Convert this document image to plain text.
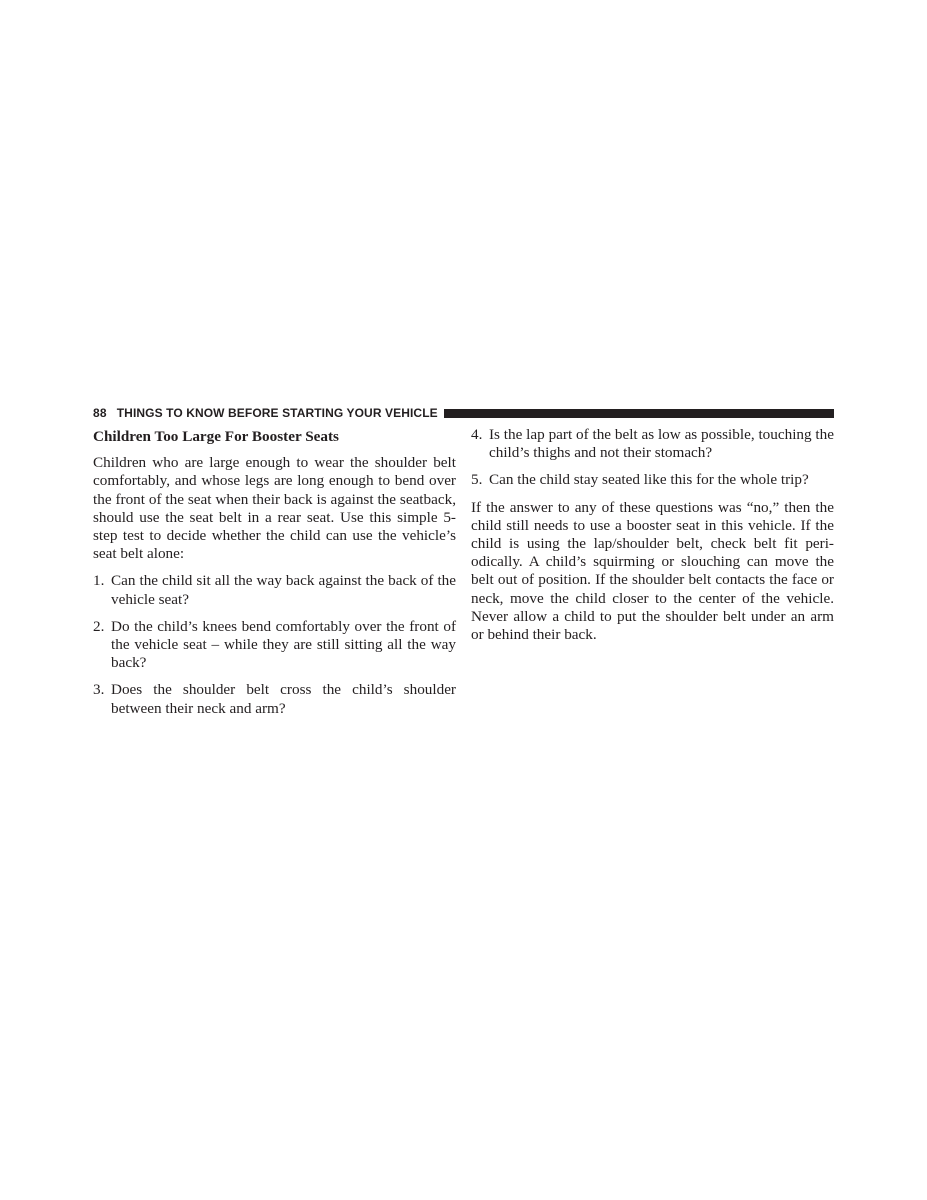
88 THINGS TO KNOW BEFORE STARTING YOUR VEHICLE
Children Too Large For Booster Seats

Children who are large enough to wear the shoulder belt comfortably, and whose legs are long enough to bend over the front of the seat when their back is against the seatback, should use the seat belt in a rear seat. Use this simple 5-step test to decide whether the child can use the vehicle’s seat belt alone:

1. Can the child sit all the way back against the back of the vehicle seat?
2. Do the child’s knees bend comfortably over the front of the vehicle seat – while they are still sitting all the way back?
3. Does the shoulder belt cross the child’s shoulder between their neck and arm?
4. Is the lap part of the belt as low as possible, touching the child’s thighs and not their stomach?
5. Can the child stay seated like this for the whole trip?

If the answer to any of these questions was “no,” then the child still needs to use a booster seat in this vehicle. If the child is using the lap/shoulder belt, check belt fit peri-odically. A child’s squirming or slouching can move the belt out of position. If the shoulder belt contacts the face or neck, move the child closer to the center of the vehicle. Never allow a child to put the shoulder belt under an arm or behind their back.
